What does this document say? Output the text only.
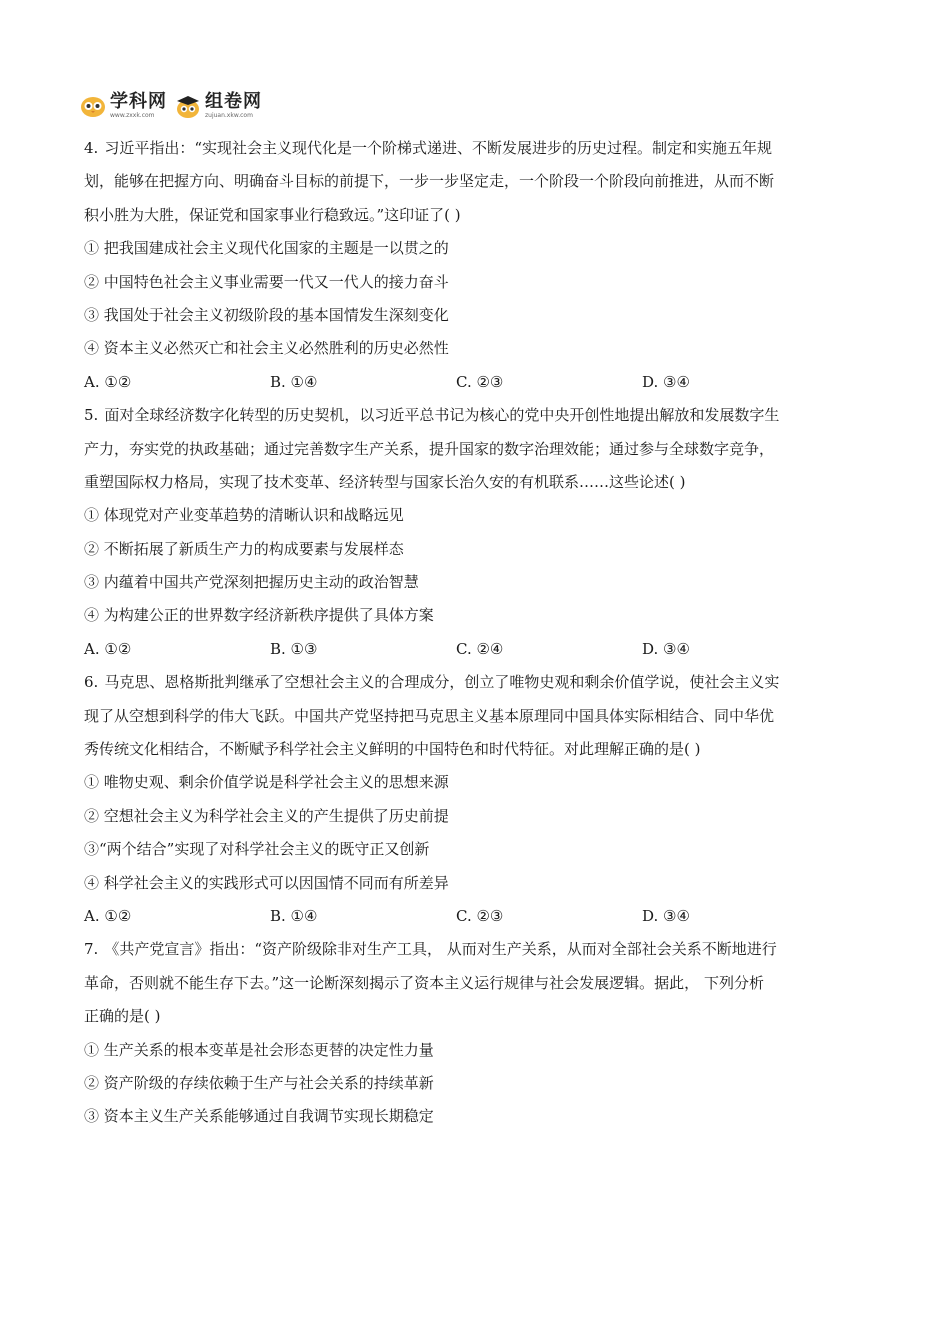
学科网
www.zxxk.com
组卷网
zujuan.xkw.com
4. 习近平指出：“实现社会主义现代化是一个阶梯式递进、不断发展进步的历史过程。制定和实施五年规
划，能够在把握方向、明确奋斗目标的前提下，一步一步坚定走，一个阶段一个阶段向前推进，从而不断
积小胜为大胜，保证党和国家事业行稳致远。”这印证了( )
① 把我国建成社会主义现代化国家的主题是一以贯之的
② 中国特色社会主义事业需要一代又一代人的接力奋斗
③ 我国处于社会主义初级阶段的基本国情发生深刻变化
④ 资本主义必然灭亡和社会主义必然胜利的历史必然性
A. ①②	B. ①④	C. ②③	D. ③④
5. 面对全球经济数字化转型的历史契机，以习近平总书记为核心的党中央开创性地提出解放和发展数字生
产力，夯实党的执政基础；通过完善数字生产关系，提升国家的数字治理效能；通过参与全球数字竞争，
重塑国际权力格局，实现了技术变革、经济转型与国家长治久安的有机联系……这些论述( )
① 体现党对产业变革趋势的清晰认识和战略远见
② 不断拓展了新质生产力的构成要素与发展样态
③ 内蕴着中国共产党深刻把握历史主动的政治智慧
④ 为构建公正的世界数字经济新秩序提供了具体方案
A. ①②	B. ①③	C. ②④	D. ③④
6. 马克思、恩格斯批判继承了空想社会主义的合理成分，创立了唯物史观和剩余价值学说，使社会主义实
现了从空想到科学的伟大飞跃。中国共产党坚持把马克思主义基本原理同中国具体实际相结合、同中华优
秀传统文化相结合，不断赋予科学社会主义鲜明的中国特色和时代特征。对此理解正确的是( )
① 唯物史观、剩余价值学说是科学社会主义的思想来源
② 空想社会主义为科学社会主义的产生提供了历史前提
③“两个结合”实现了对科学社会主义的既守正又创新
④ 科学社会主义的实践形式可以因国情不同而有所差异
A. ①②	B. ①④	C. ②③	D. ③④
7. 《共产党宣言》指出：“资产阶级除非对生产工具， 从而对生产关系，从而对全部社会关系不断地进行
革命，否则就不能生存下去。”这一论断深刻揭示了资本主义运行规律与社会发展逻辑。据此， 下列分析
正确的是( )
① 生产关系的根本变革是社会形态更替的决定性力量
② 资产阶级的存续依赖于生产与社会关系的持续革新
③ 资本主义生产关系能够通过自我调节实现长期稳定
